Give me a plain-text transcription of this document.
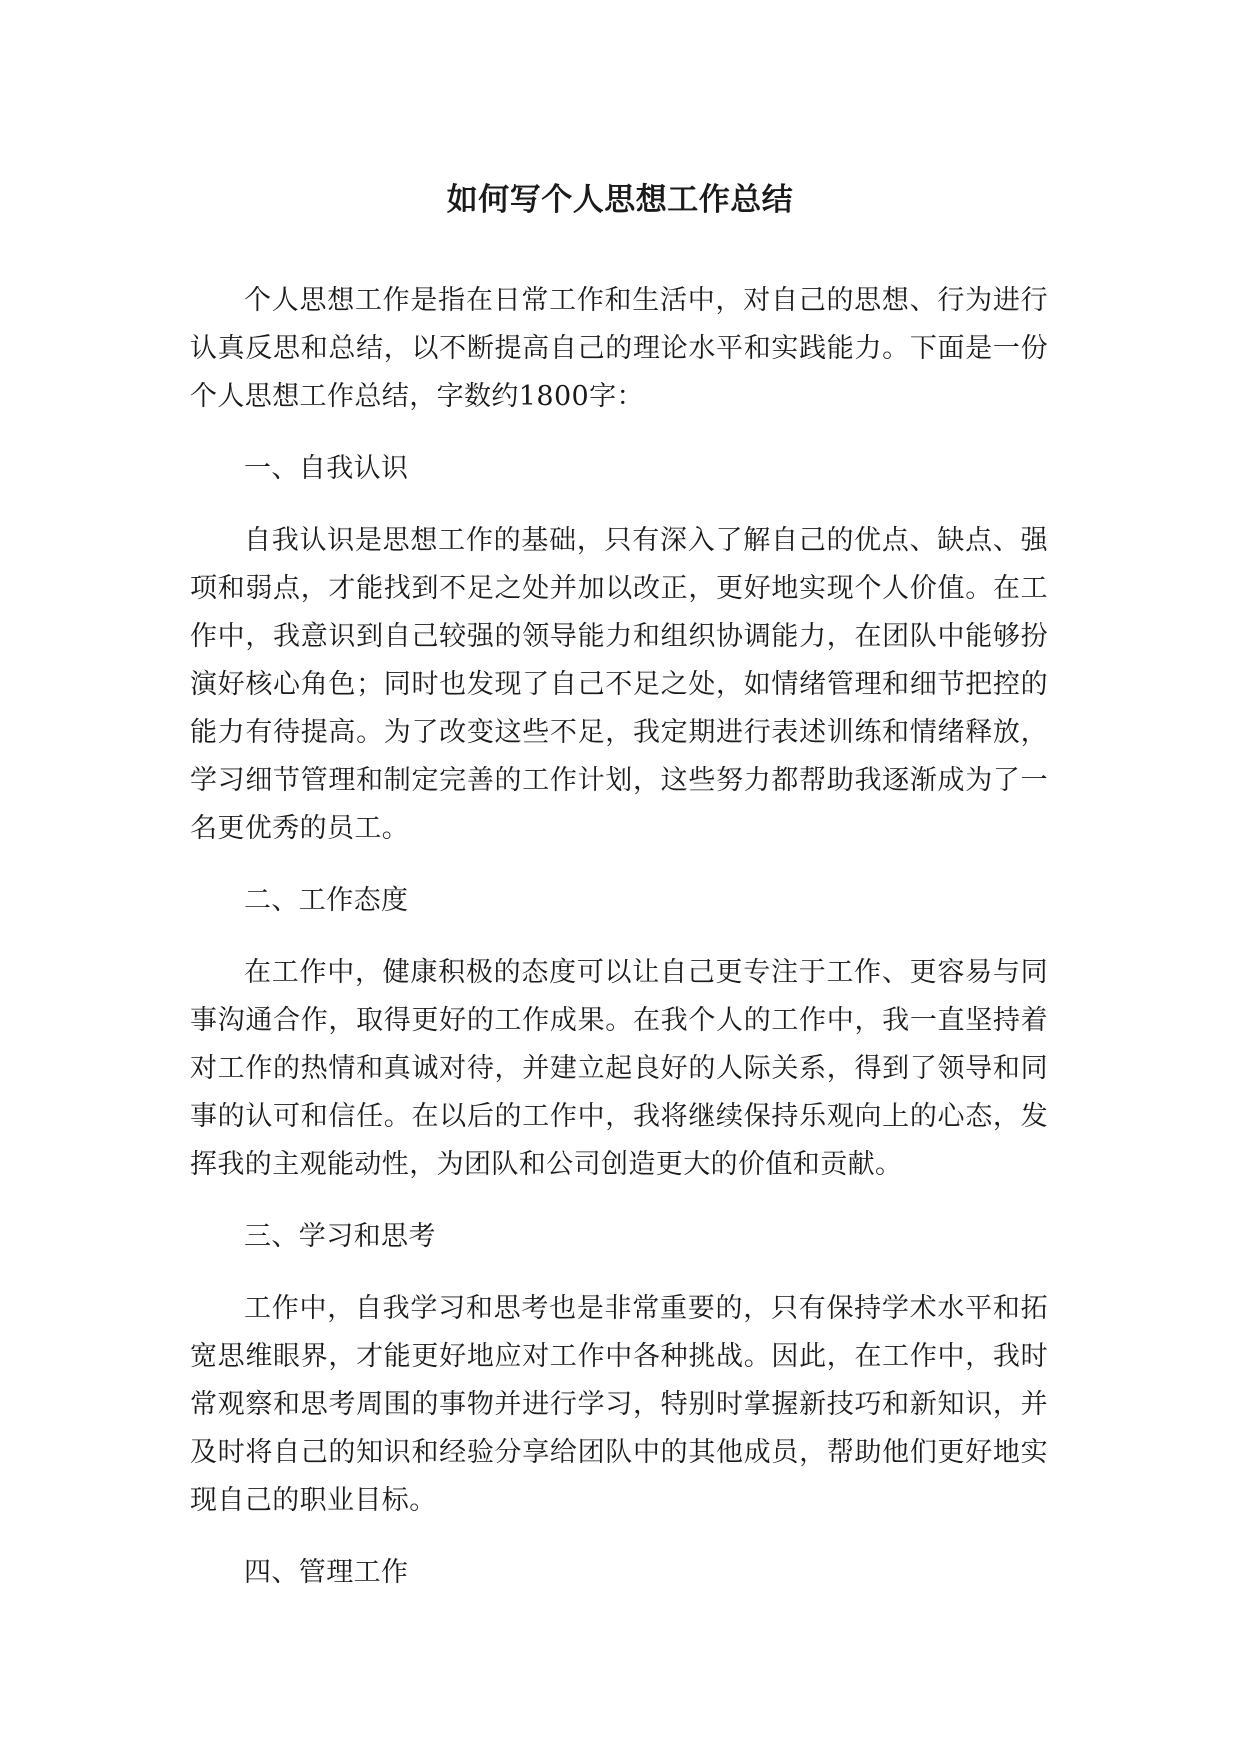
如何写个人思想工作总结

个人思想工作是指在日常工作和生活中，对自己的思想、行为进行认真反思和总结，以不断提高自己的理论水平和实践能力。下面是一份个人思想工作总结，字数约1800字：

一、自我认识

自我认识是思想工作的基础，只有深入了解自己的优点、缺点、强项和弱点，才能找到不足之处并加以改正，更好地实现个人价值。在工作中，我意识到自己较强的领导能力和组织协调能力，在团队中能够扮演好核心角色；同时也发现了自己不足之处，如情绪管理和细节把控的能力有待提高。为了改变这些不足，我定期进行表述训练和情绪释放，学习细节管理和制定完善的工作计划，这些努力都帮助我逐渐成为了一名更优秀的员工。

二、工作态度

在工作中，健康积极的态度可以让自己更专注于工作、更容易与同事沟通合作，取得更好的工作成果。在我个人的工作中，我一直坚持着对工作的热情和真诚对待，并建立起良好的人际关系，得到了领导和同事的认可和信任。在以后的工作中，我将继续保持乐观向上的心态，发挥我的主观能动性，为团队和公司创造更大的价值和贡献。

三、学习和思考

工作中，自我学习和思考也是非常重要的，只有保持学术水平和拓宽思维眼界，才能更好地应对工作中各种挑战。因此，在工作中，我时常观察和思考周围的事物并进行学习，特别时掌握新技巧和新知识，并及时将自己的知识和经验分享给团队中的其他成员，帮助他们更好地实现自己的职业目标。

四、管理工作
